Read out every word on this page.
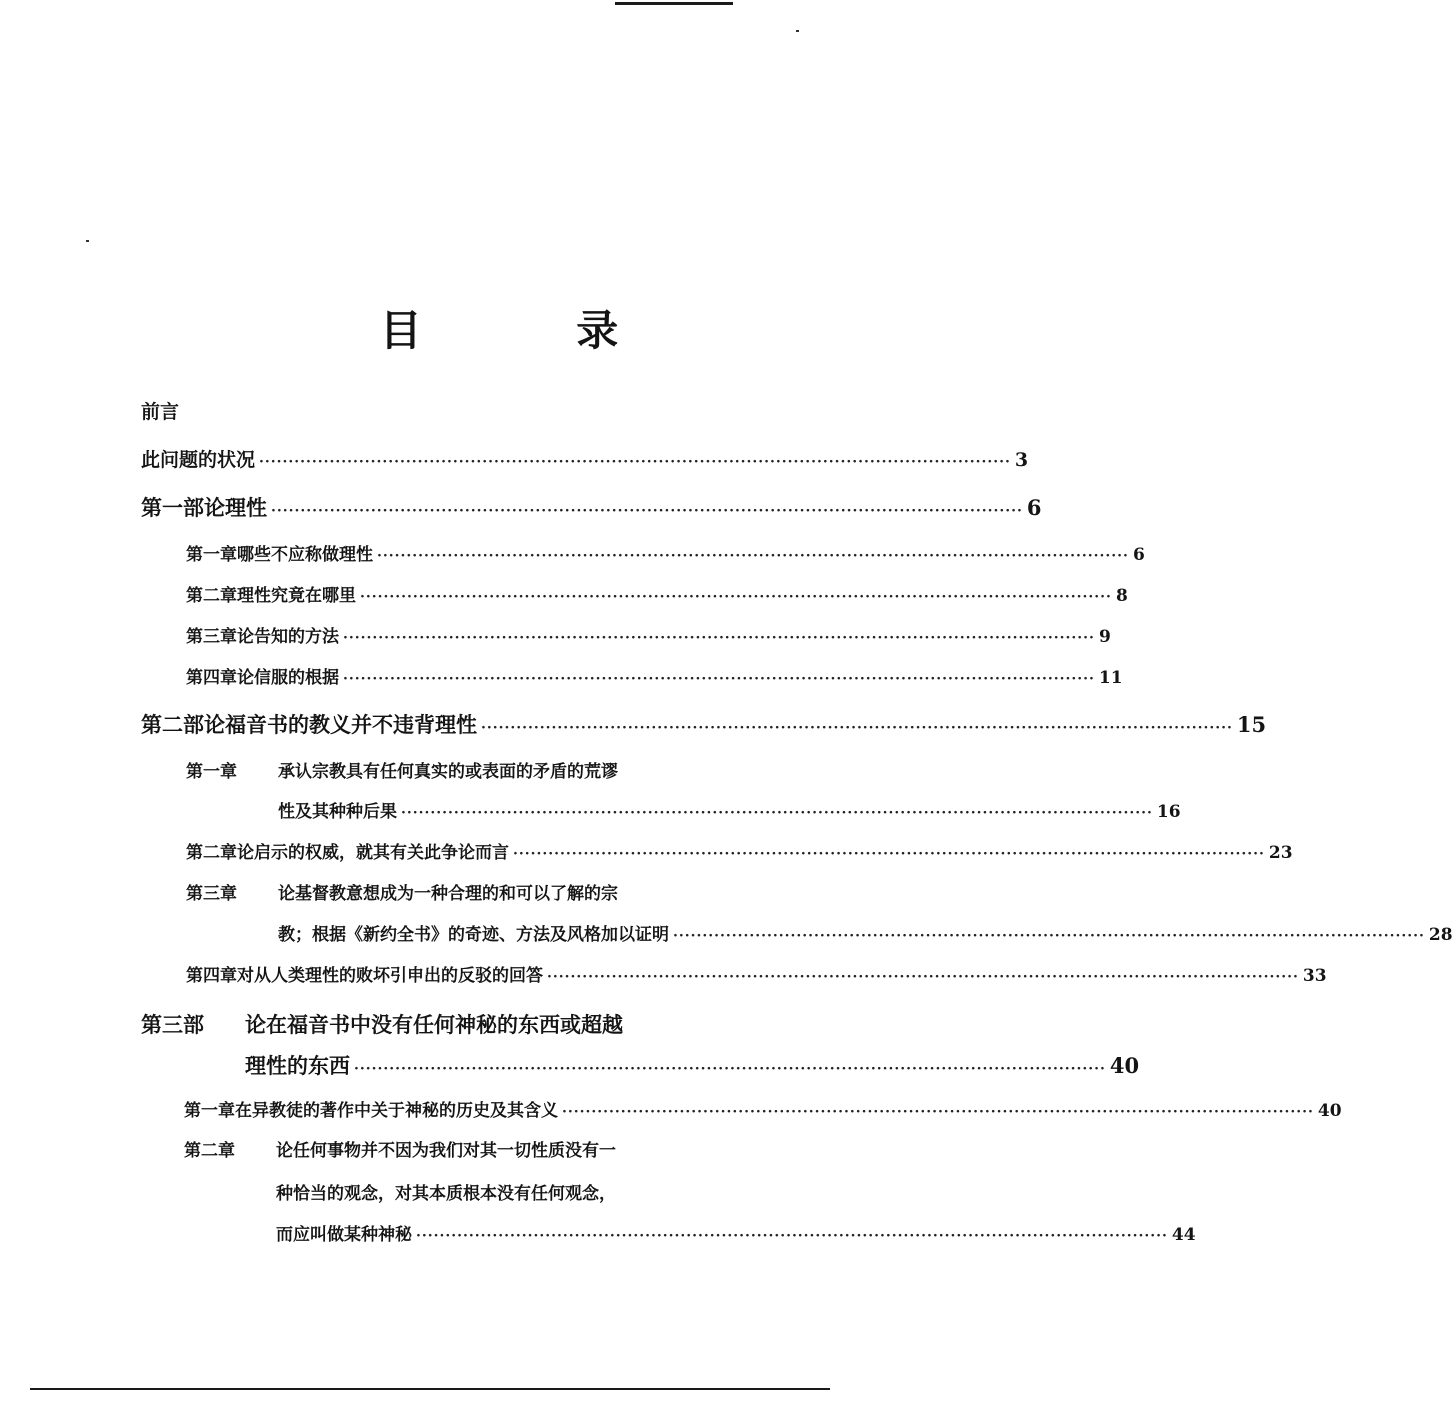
目 录
前言
此问题的状况 ································································································································ 3
第一部 论理性 ································································································································ 6
第一章 哪些不应称做理性 ································································································································ 6
第二章 理性究竟在哪里 ································································································································ 8
第三章 论告知的方法 ································································································································ 9
第四章 论信服的根据 ································································································································ 11
第二部 论福音书的教义并不违背理性 ································································································································ 15
第一章	承认宗教具有任何真实的或表面的矛盾的荒谬
性及其种种后果 ································································································································ 16
第二章 论启示的权威，就其有关此争论而言 ································································································································ 23
第三章	论基督教意想成为一种合理的和可以了解的宗
教；根据《新约全书》的奇迹、方法及风格加以证明 ································································································································ 28
第四章 对从人类理性的败坏引申出的反驳的回答 ································································································································ 33
第三部	论在福音书中没有任何神秘的东西或超越
理性的东西 ································································································································ 40
第一章 在异教徒的著作中关于神秘的历史及其含义 ································································································································ 40
第二章	论任何事物并不因为我们对其一切性质没有一
种恰当的观念，对其本质根本没有任何观念，
而应叫做某种神秘 ································································································································ 44
